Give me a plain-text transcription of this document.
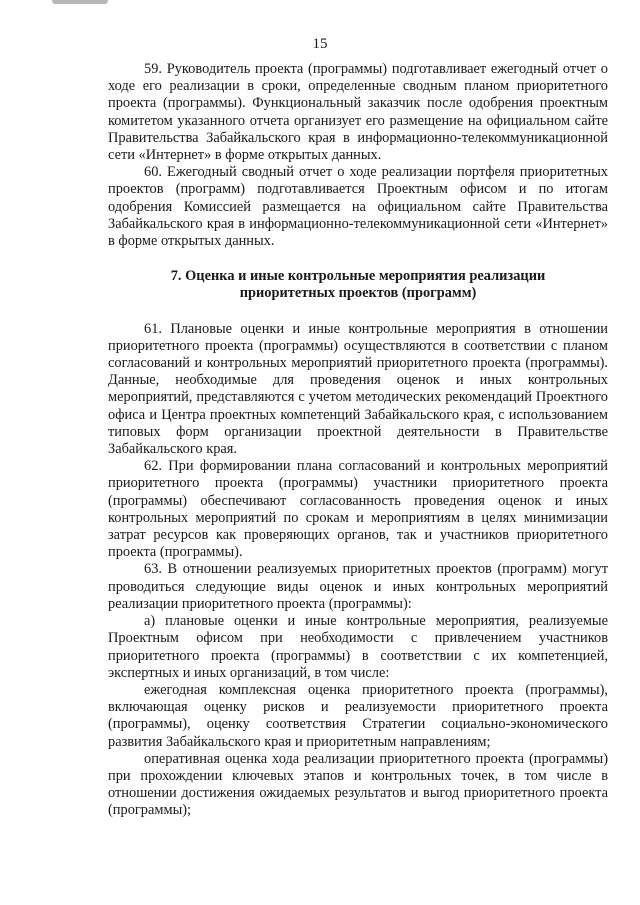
15

59. Руководитель проекта (программы) подготавливает ежегодный отчет о ходе его реализации в сроки, определенные сводным планом приоритетного проекта (программы). Функциональный заказчик после одобрения проектным комитетом указанного отчета организует его размещение на официальном сайте Правительства Забайкальского края в информационно-телекоммуникационной сети «Интернет» в форме открытых данных.

60. Ежегодный сводный отчет о ходе реализации портфеля приоритетных проектов (программ) подготавливается Проектным офисом и по итогам одобрения Комиссией размещается на официальном сайте Правительства Забайкальского края в информационно-телекоммуникационной сети «Интернет» в форме открытых данных.

7. Оценка и иные контрольные мероприятия реализации приоритетных проектов (программ)

61. Плановые оценки и иные контрольные мероприятия в отношении приоритетного проекта (программы) осуществляются в соответствии с планом согласований и контрольных мероприятий приоритетного проекта (программы). Данные, необходимые для проведения оценок и иных контрольных мероприятий, представляются с учетом методических рекомендаций Проектного офиса и Центра проектных компетенций Забайкальского края, с использованием типовых форм организации проектной деятельности в Правительстве Забайкальского края.

62. При формировании плана согласований и контрольных мероприятий приоритетного проекта (программы) участники приоритетного проекта (программы) обеспечивают согласованность проведения оценок и иных контрольных мероприятий по срокам и мероприятиям в целях минимизации затрат ресурсов как проверяющих органов, так и участников приоритетного проекта (программы).

63. В отношении реализуемых приоритетных проектов (программ) могут проводиться следующие виды оценок и иных контрольных мероприятий реализации приоритетного проекта (программы):

а) плановые оценки и иные контрольные мероприятия, реализуемые Проектным офисом при необходимости с привлечением участников приоритетного проекта (программы) в соответствии с их компетенцией, экспертных и иных организаций, в том числе:

ежегодная комплексная оценка приоритетного проекта (программы), включающая оценку рисков и реализуемости приоритетного проекта (программы), оценку соответствия Стратегии социально-экономического развития Забайкальского края и приоритетным направлениям;

оперативная оценка хода реализации приоритетного проекта (программы) при прохождении ключевых этапов и контрольных точек, в том числе в отношении достижения ожидаемых результатов и выгод приоритетного проекта (программы);
